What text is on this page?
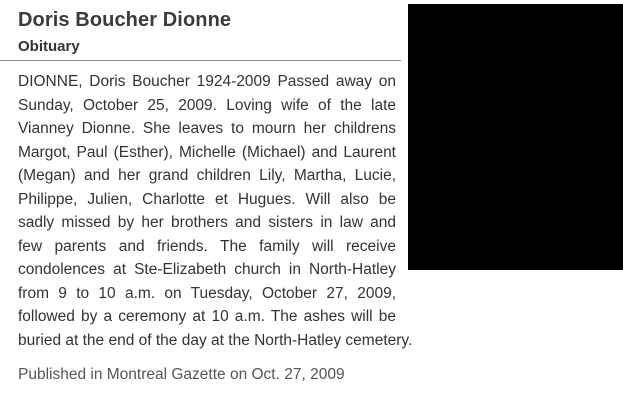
Doris Boucher Dionne
Obituary

DIONNE, Doris Boucher 1924-2009 Passed away on Sunday, October 25, 2009. Loving wife of the late Vianney Dionne. She leaves to mourn her childrens Margot, Paul (Esther), Michelle (Michael) and Laurent (Megan) and her grand children Lily, Martha, Lucie, Philippe, Julien, Charlotte et Hugues. Will also be sadly missed by her brothers and sisters in law and few parents and friends. The family will receive condolences at Ste-Elizabeth church in North-Hatley from 9 to 10 a.m. on Tuesday, October 27, 2009, followed by a ceremony at 10 a.m. The ashes will be buried at the end of the day at the North-Hatley cemetery.

Published in Montreal Gazette on Oct. 27, 2009
